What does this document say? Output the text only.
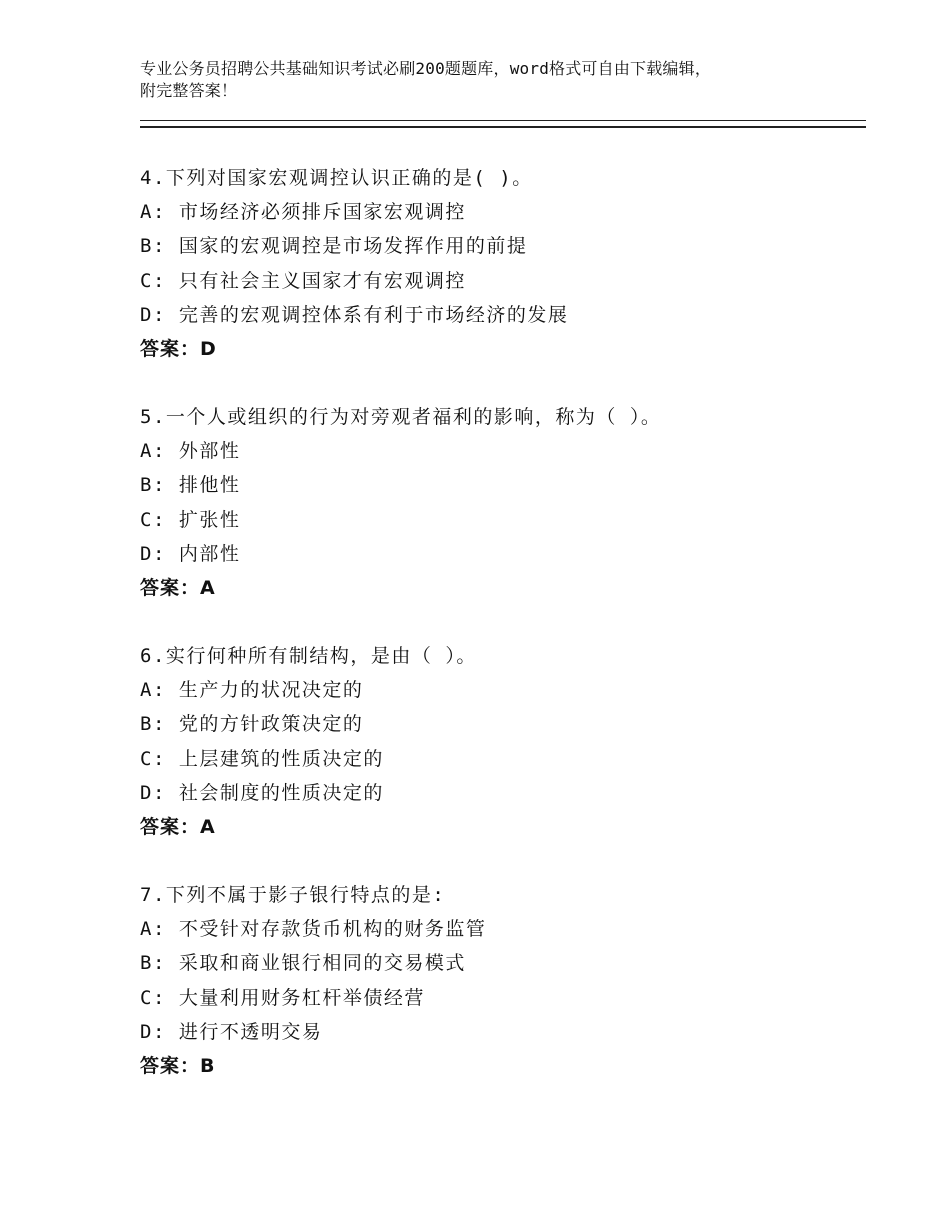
专业公务员招聘公共基础知识考试必刷200题题库，word格式可自由下载编辑，
附完整答案！
4.下列对国家宏观调控认识正确的是( )。
A: 市场经济必须排斥国家宏观调控
B: 国家的宏观调控是市场发挥作用的前提
C: 只有社会主义国家才有宏观调控
D: 完善的宏观调控体系有利于市场经济的发展
答案：D
5.一个人或组织的行为对旁观者福利的影响，称为（ ）。
A: 外部性
B: 排他性
C: 扩张性
D: 内部性
答案：A
6.实行何种所有制结构，是由（ ）。
A: 生产力的状况决定的
B: 党的方针政策决定的
C: 上层建筑的性质决定的
D: 社会制度的性质决定的
答案：A
7.下列不属于影子银行特点的是:
A: 不受针对存款货币机构的财务监管
B: 采取和商业银行相同的交易模式
C: 大量利用财务杠杆举债经营
D: 进行不透明交易
答案：B
